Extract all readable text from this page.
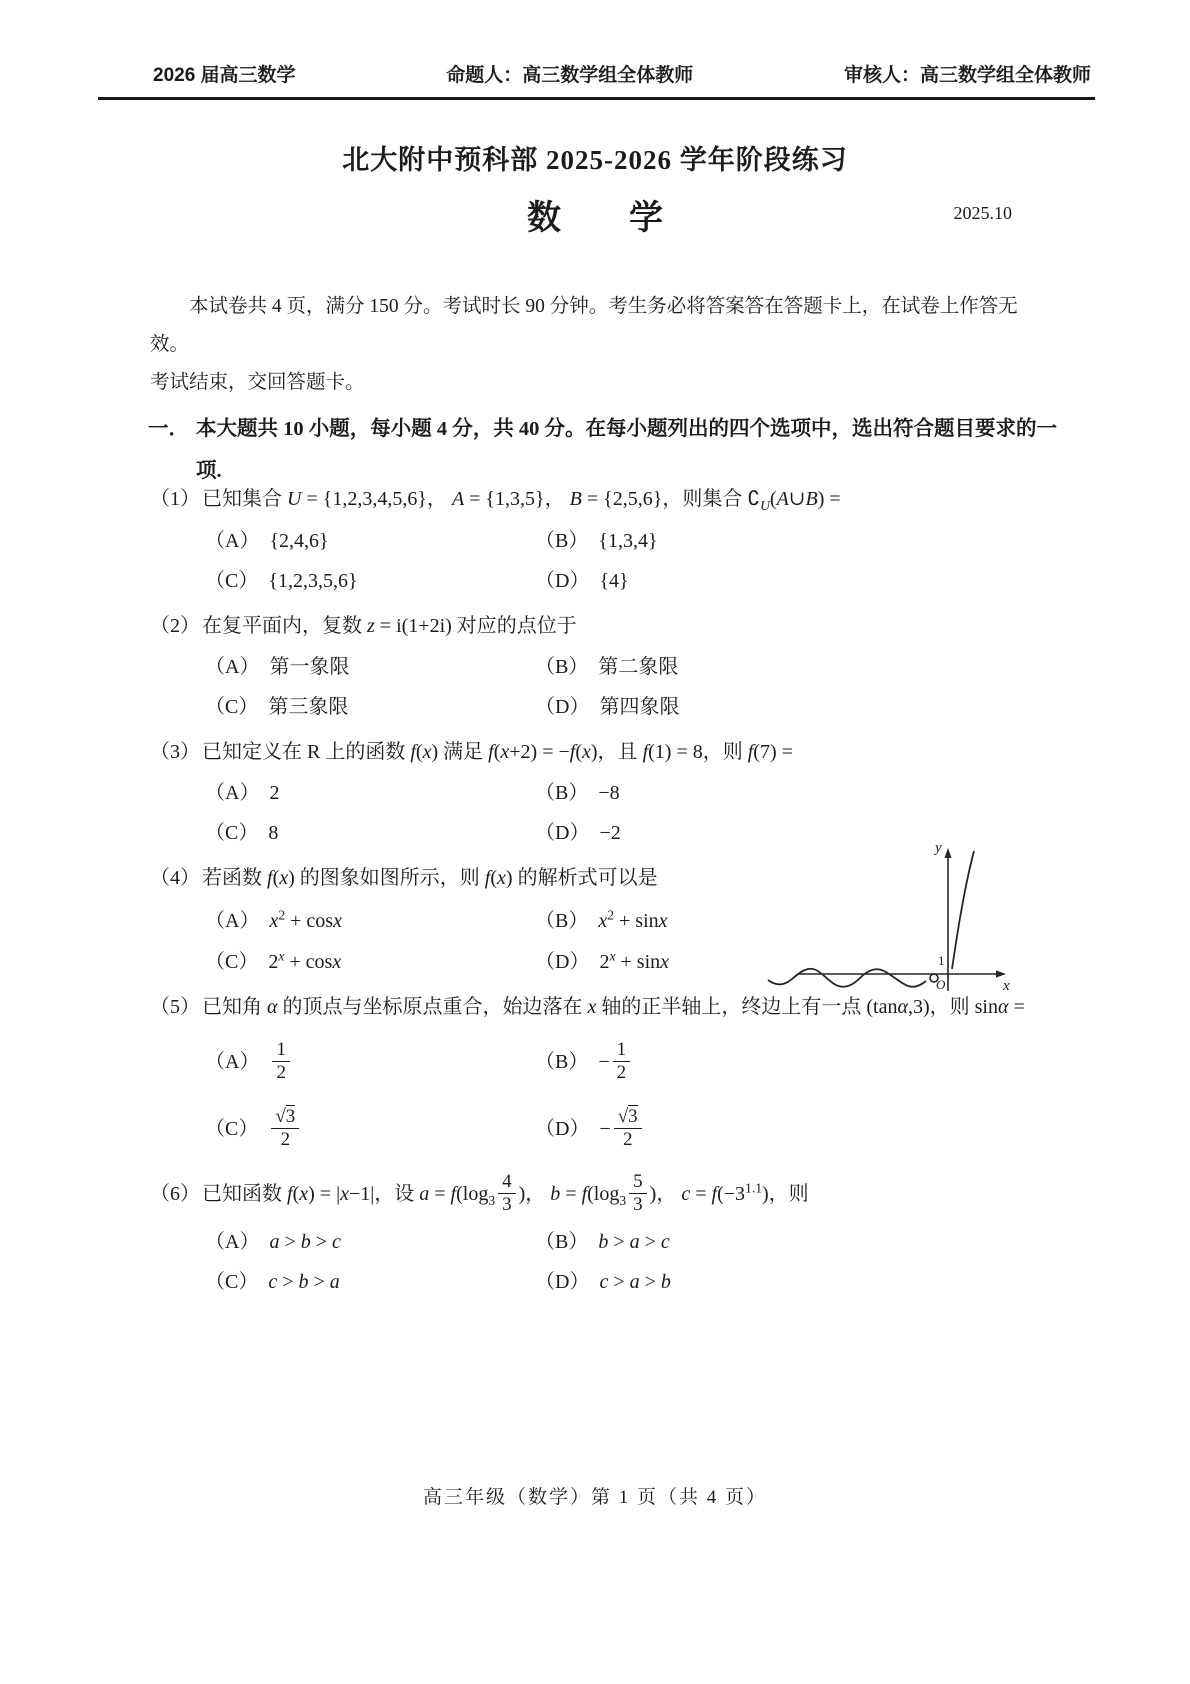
2026 届高三数学	命题人：高三数学组全体教师	审核人：高三数学组全体教师
北大附中预科部 2025-2026 学年阶段练习
数　　学	2025.10
本试卷共 4 页，满分 150 分。考试时长 90 分钟。考生务必将答案答在答题卡上，在试卷上作答无效。
考试结束，交回答题卡。
一． 本大题共 10 小题，每小题 4 分，共 40 分。在每小题列出的四个选项中，选出符合题目要求的一项.
（1） 已知集合 U = {1,2,3,4,5,6}， A = {1,3,5}， B = {2,5,6}，则集合 $∁_U(A\cup B)$ =
（A） {2,4,6}	（B） {1,3,4}
（C） {1,2,3,5,6}	（D） {4}
（2） 在复平面内，复数 z = i(1+2i) 对应的点位于
（A） 第一象限	（B） 第二象限
（C） 第三象限	（D） 第四象限
（3） 已知定义在 R 上的函数 f(x) 满足 f(x+2) = −f(x)，且 f(1) = 8，则 f(7) =
（A） 2	（B） −8
（C） 8	（D） −2
（4） 若函数 f(x) 的图象如图所示，则 f(x) 的解析式可以是
（A） $x^2 + \cos x$	（B） $x^2 + \sin x$
（C） $2^x + \cos x$	（D） $2^x + \sin x$
（5） 已知角 α 的顶点与坐标原点重合，始边落在 x 轴的正半轴上，终边上有一点 (tanα,3)，则 sinα =
$(A) \frac{1}{2}$	$(B) - \frac{1}{2}$
$(C) \frac{√3}{2}$	$(D) - \frac{√3}{2}$
（6） 已知函数 f(x) = |x−1|，设 $a = f(\log_3 \frac{4}{3}$ )， $b = f(\log_3 \frac{5}{3}$ )， $c = f(-3^{1.1})$，则
（A） a > b > c	（B） b > a > c
（C） c > b > a	（D） c > a > b
y
x
O
1
高三年级（数学）第 1 页（共 4 页）
